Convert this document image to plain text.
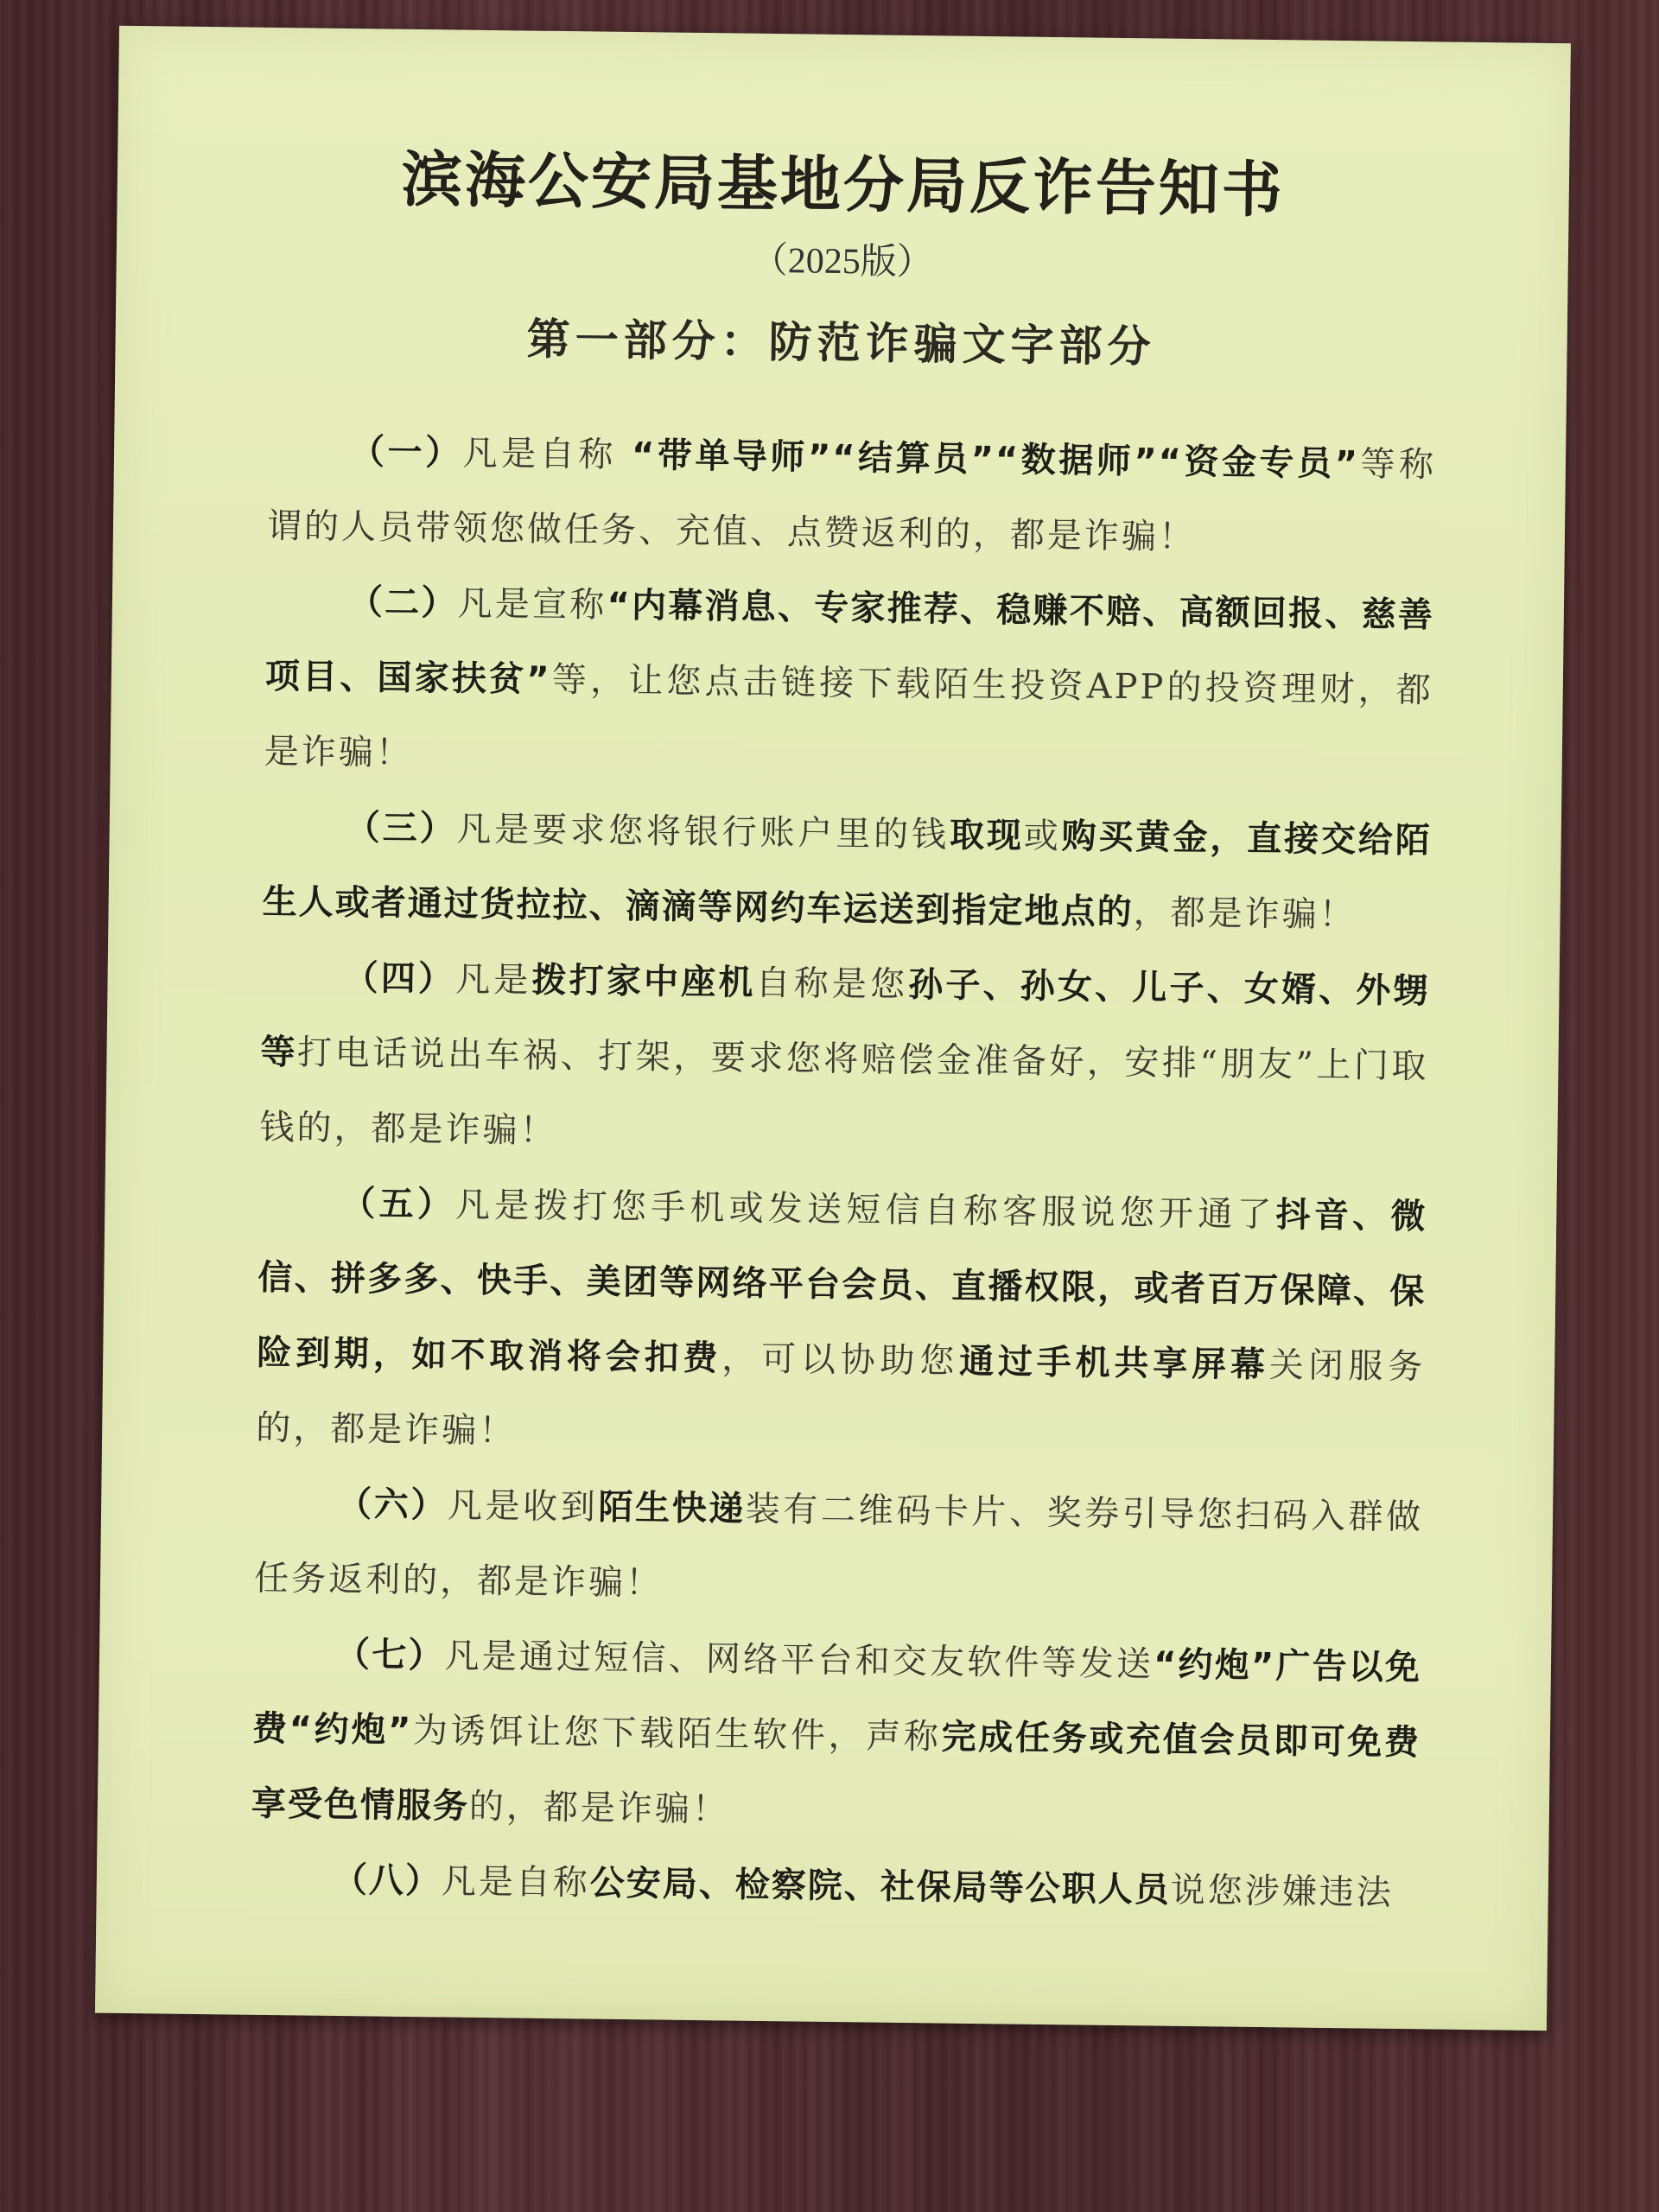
滨海公安局基地分局反诈告知书
（2025版）
第一部分：防范诈骗文字部分
（一）凡是自称 “带单导师”“结算员”“数据师”“资金专员”等称谓的人员带领您做任务、充值、点赞返利的，都是诈骗！
（二）凡是宣称“内幕消息、专家推荐、稳赚不赔、高额回报、慈善项目、国家扶贫”等，让您点击链接下载陌生投资APP的投资理财，都是诈骗！
（三）凡是要求您将银行账户里的钱取现或购买黄金，直接交给陌生人或者通过货拉拉、滴滴等网约车运送到指定地点的，都是诈骗！
（四）凡是拨打家中座机自称是您孙子、孙女、儿子、女婿、外甥等打电话说出车祸、打架，要求您将赔偿金准备好，安排“朋友”上门取钱的，都是诈骗！
（五）凡是拨打您手机或发送短信自称客服说您开通了抖音、微信、拼多多、快手、美团等网络平台会员、直播权限，或者百万保障、保险到期，如不取消将会扣费，可以协助您通过手机共享屏幕关闭服务的，都是诈骗！
（六）凡是收到陌生快递装有二维码卡片、奖券引导您扫码入群做任务返利的，都是诈骗！
（七）凡是通过短信、网络平台和交友软件等发送“约炮”广告以免费“约炮”为诱饵让您下载陌生软件，声称完成任务或充值会员即可免费享受色情服务的，都是诈骗！
（八）凡是自称公安局、检察院、社保局等公职人员说您涉嫌违法
